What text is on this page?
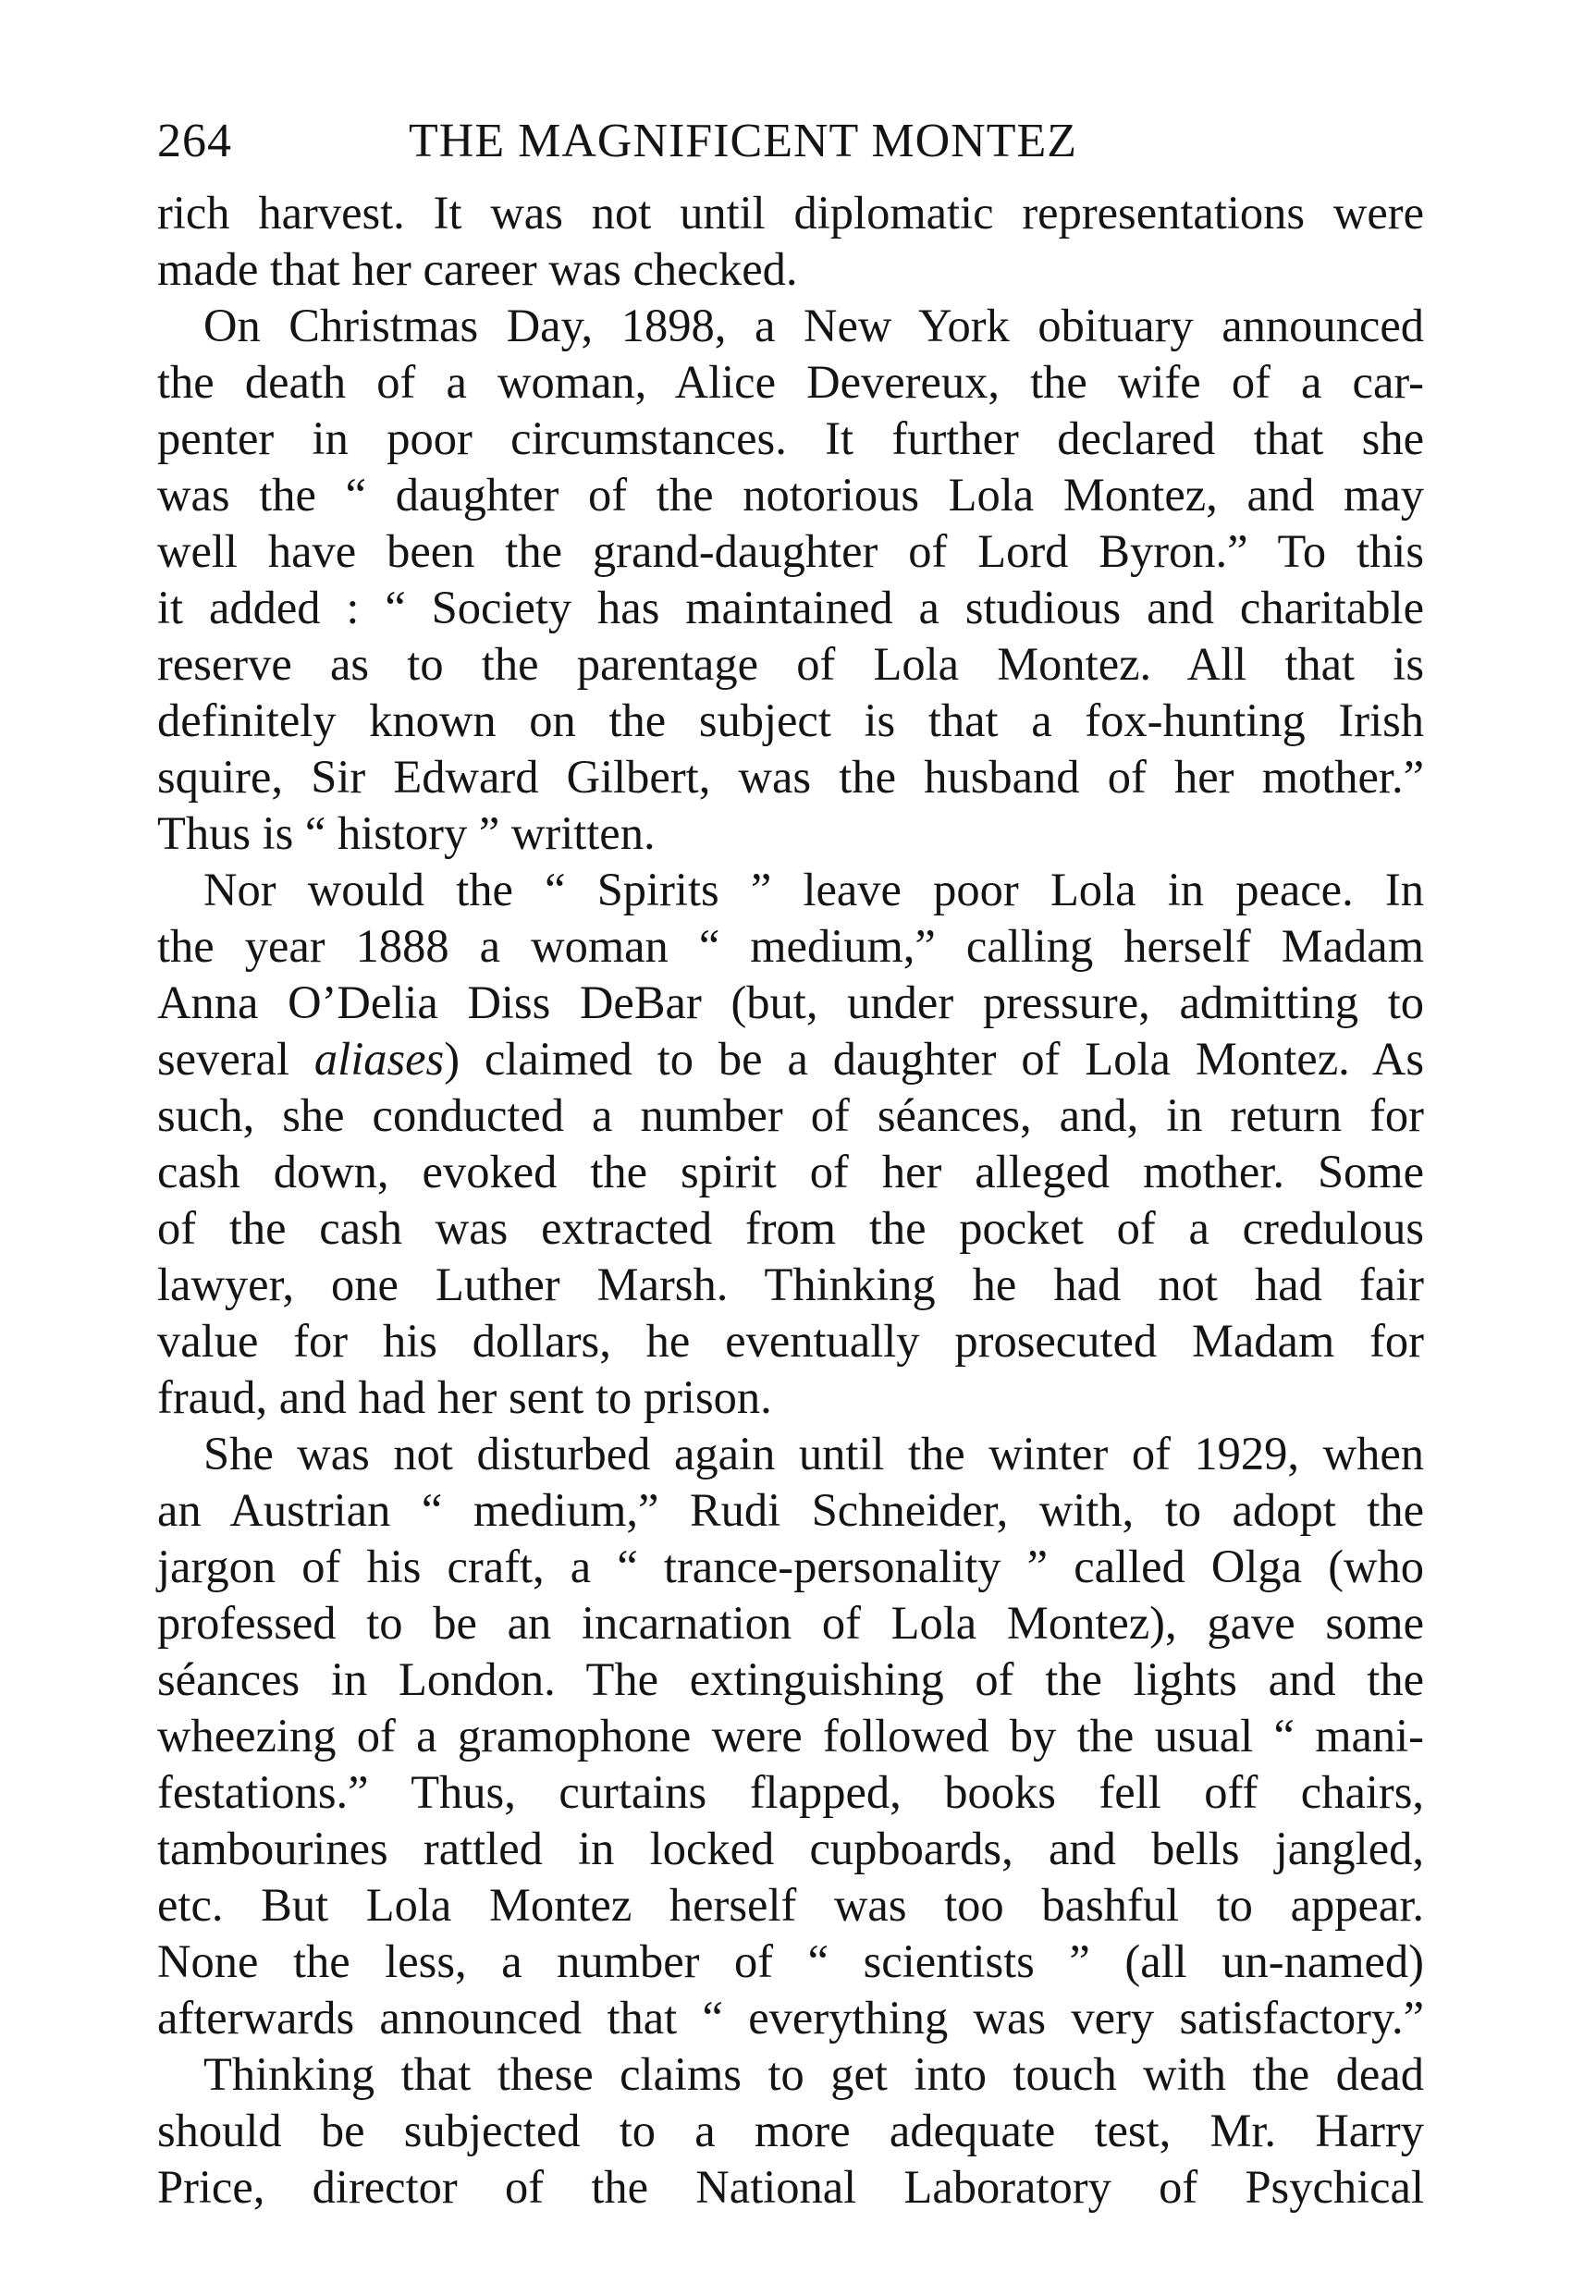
264	THE MAGNIFICENT MONTEZ
rich harvest. It was not until diplomatic representations were
made that her career was checked.
On Christmas Day, 1898, a New York obituary announced
the death of a woman, Alice Devereux, the wife of a car-
penter in poor circumstances. It further declared that she
was the “ daughter of the notorious Lola Montez, and may
well have been the grand-daughter of Lord Byron.” To this
it added : “ Society has maintained a studious and charitable
reserve as to the parentage of Lola Montez. All that is
definitely known on the subject is that a fox-hunting Irish
squire, Sir Edward Gilbert, was the husband of her mother.”
Thus is “ history ” written.
Nor would the “ Spirits ” leave poor Lola in peace. In
the year 1888 a woman “ medium,” calling herself Madam
Anna O’Delia Diss DeBar (but, under pressure, admitting to
several aliases) claimed to be a daughter of Lola Montez. As
such, she conducted a number of séances, and, in return for
cash down, evoked the spirit of her alleged mother. Some
of the cash was extracted from the pocket of a credulous
lawyer, one Luther Marsh. Thinking he had not had fair
value for his dollars, he eventually prosecuted Madam for
fraud, and had her sent to prison.
She was not disturbed again until the winter of 1929, when
an Austrian “ medium,” Rudi Schneider, with, to adopt the
jargon of his craft, a “ trance-personality ” called Olga (who
professed to be an incarnation of Lola Montez), gave some
séances in London. The extinguishing of the lights and the
wheezing of a gramophone were followed by the usual “ mani-
festations.” Thus, curtains flapped, books fell off chairs,
tambourines rattled in locked cupboards, and bells jangled,
etc. But Lola Montez herself was too bashful to appear.
None the less, a number of “ scientists ” (all un-named)
afterwards announced that “ everything was very satisfactory.”
Thinking that these claims to get into touch with the dead
should be subjected to a more adequate test, Mr. Harry
Price, director of the National Laboratory of Psychical
